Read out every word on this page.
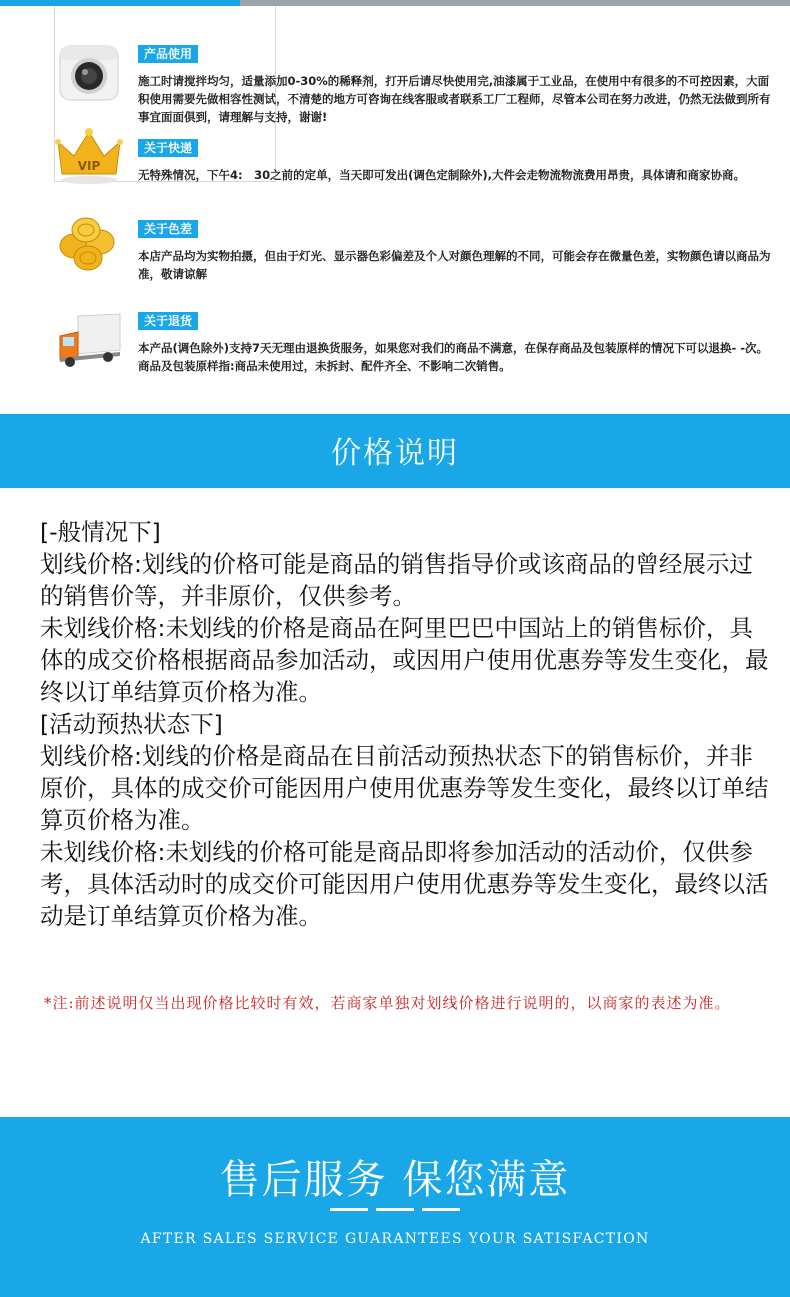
产品使用
施工时请搅拌均匀，适量添加0-30%的稀释剂，打开后请尽快使用完,油漆属于工业品，在使用中有很多的不可控因素，大面积使用需要先做相容性测试，不清楚的地方可咨询在线客服或者联系工厂工程师，尽管本公司在努力改进，仍然无法做到所有事宜面面俱到，请理解与支持，谢谢!
VIP
关于快递
无特殊情况，下午4:　30之前的定单，当天即可发出(调色定制除外),大件会走物流物流费用昂贵，具体请和商家协商。
关于色差
本店产品均为实物拍摄，但由于灯光、显示器色彩偏差及个人对颜色理解的不同，可能会存在微量色差，实物颜色请以商品为准，敬请谅解
关于退货
本产品(调色除外)支持7天无理由退换货服务，如果您对我们的商品不满意，在保存商品及包装原样的情况下可以退换- -次。商品及包装原样指:商品未使用过，未拆封、配件齐全、不影响二次销售。
价格说明

[-般情况下]

划线价格:划线的价格可能是商品的销售指导价或该商品的曾经展示过的销售价等，并非原价，仅供参考。

未划线价格:未划线的价格是商品在阿里巴巴中国站上的销售标价，具体的成交价格根据商品参加活动，或因用户使用优惠券等发生变化，最终以订单结算页价格为准。

[活动预热状态下]

划线价格:划线的价格是商品在目前活动预热状态下的销售标价，并非原价，具体的成交价可能因用户使用优惠券等发生变化，最终以订单结算页价格为准。

未划线价格:未划线的价格可能是商品即将参加活动的活动价，仅供参考，具体活动时的成交价可能因用户使用优惠券等发生变化，最终以活动是订单结算页价格为准。

*注:前述说明仅当出现价格比较时有效，若商家单独对划线价格进行说明的，以商家的表述为准。
售后服务 保您满意
AFTER SALES SERVICE GUARANTEES YOUR SATISFACTION
